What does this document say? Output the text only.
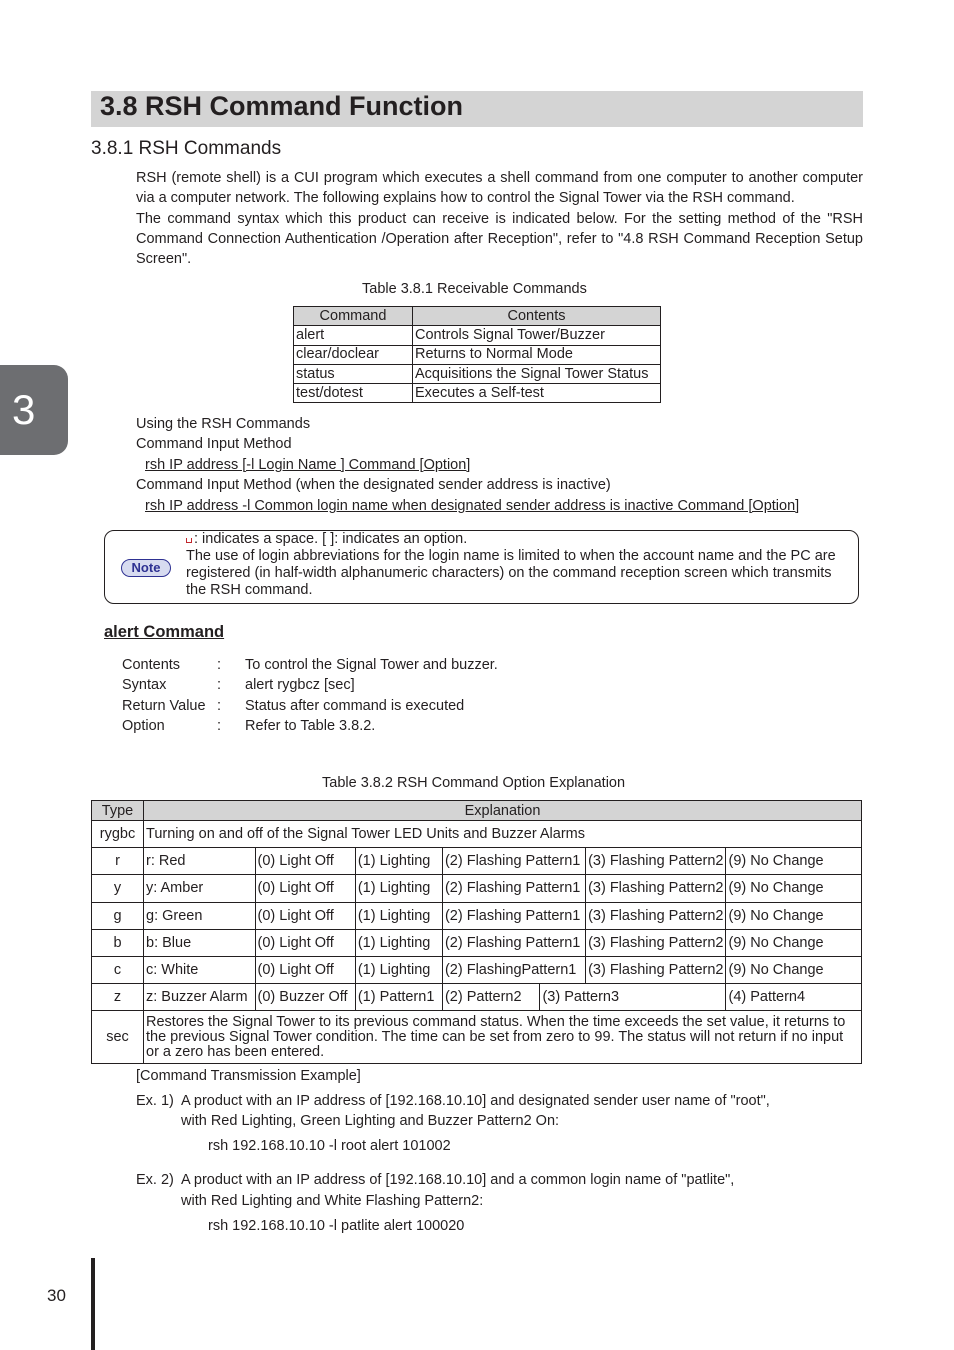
3.8 RSH Command Function
3.8.1 RSH Commands
RSH (remote shell) is a CUI program which executes a shell command from one computer to another computer via a computer network. The following explains how to control the Signal Tower via the RSH command.
The command syntax which this product can receive is indicated below. For the setting method of the "RSH Command Connection Authentication /Operation after Reception", refer to "4.8 RSH Command Reception Setup Screen".
Table 3.8.1 Receivable Commands
Command	Contents
alert	Controls Signal Tower/Buzzer
clear/doclear	Returns to Normal Mode
status	Acquisitions the Signal Tower Status
test/dotest	Executes a Self-test
3	Using the RSH Commands
Command Input Method
rsh IP address [-l Login Name ] Command [Option]
Command Input Method (when the designated sender address is inactive)
rsh IP address -l Common login name when designated sender address is inactive Command [Option]
Note
: indicates a space. [ ]: indicates an option.
The use of login abbreviations for the login name is limited to when the account name and the PC are registered (in half-width alphanumeric characters) on the command reception screen which transmits the RSH command.
alert Command
Contents	: To control the Signal Tower and buzzer.
Syntax	: alert rygbcz [sec]
Return Value : Status after command is executed
Option	: Refer to Table 3.8.2.
Table 3.8.2 RSH Command Option Explanation
Type	Explanation						
rygbc	Turning on and off of the Signal Tower LED Units and Buzzer Alarms						
r	r: Red	(0) Light Off	(1) Lighting	(2) Flashing Pattern1		(3) Flashing Pattern2	(9) No Change
y	y: Amber	(0) Light Off	(1) Lighting	(2) Flashing Pattern1		(3) Flashing Pattern2	(9) No Change
g	g: Green	(0) Light Off	(1) Lighting	(2) Flashing Pattern1		(3) Flashing Pattern2	(9) No Change
b	b: Blue	(0) Light Off	(1) Lighting	(2) Flashing Pattern1		(3) Flashing Pattern2	(9) No Change
c	c: White	(0) Light Off	(1) Lighting	(2) FlashingPattern1		(3) Flashing Pattern2	(9) No Change
z	z: Buzzer Alarm	(0) Buzzer Off	(1) Pattern1	(2) Pattern2	(3) Pattern3		(4) Pattern4
sec	Restores the Signal Tower to its previous command status. When the time exceeds the set value, it returns to the previous Signal Tower condition. The time can be set from zero to 99. The status will not return if no input or a zero has been entered.						
[Command Transmission Example]
Ex. 1) A product with an IP address of [192.168.10.10] and designated sender user name of "root",
with Red Lighting, Green Lighting and Buzzer Pattern2 On:
rsh 192.168.10.10 -l root alert 101002
Ex. 2) A product with an IP address of [192.168.10.10] and a common login name of "patlite",
with Red Lighting and White Flashing Pattern2:
rsh 192.168.10.10 -l patlite alert 100020
30
